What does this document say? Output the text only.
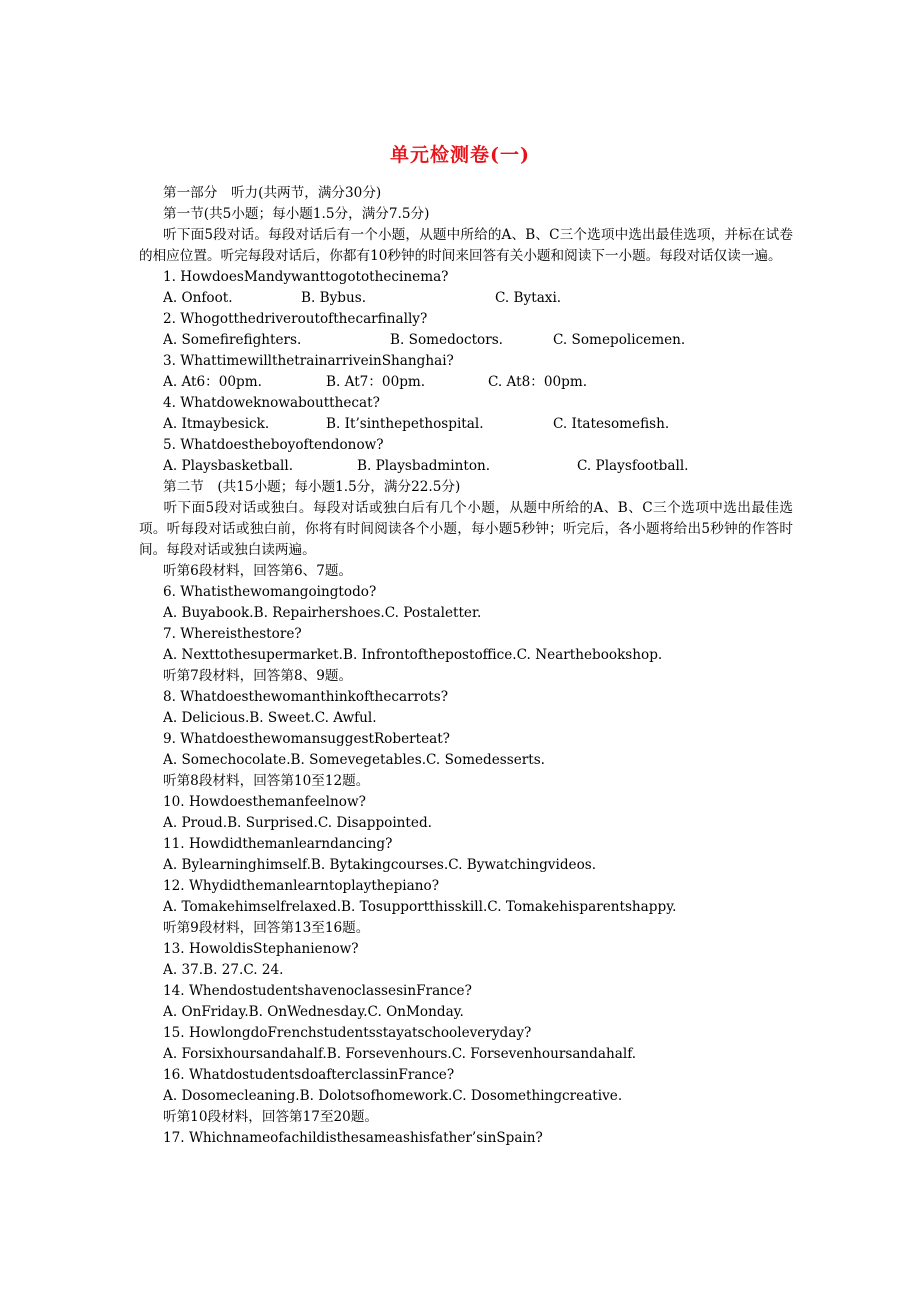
单元检测卷(一)
第一部分　听力(共两节，满分30分)
第一节(共5小题；每小题1.5分，满分7.5分)
听下面5段对话。每段对话后有一个小题，从题中所给的A、B、C三个选项中选出最佳选项，并标在试卷的相应位置。听完每段对话后，你都有10秒钟的时间来回答有关小题和阅读下一小题。每段对话仅读一遍。
1. HowdoesMandywanttogotothecinema?
A. Onfoot.	B. Bybus.	C. Bytaxi.
2. Whogotthedriveroutofthecarfinally?
A. Somefirefighters.	B. Somedoctors.	C. Somepolicemen.
3. WhattimewillthetrainarriveinShanghai?
A. At6：00pm.	B. At7：00pm.	C. At8：00pm.
4. Whatdoweknowaboutthecat?
A. Itmaybesick.	B. It’sinthepethospital.	C. Itatesomefish.
5. Whatdoestheboyoftendonow?
A. Playsbasketball.	B. Playsbadminton.	C. Playsfootball.
第二节　(共15小题；每小题1.5分，满分22.5分)
听下面5段对话或独白。每段对话或独白后有几个小题，从题中所给的A、B、C三个选项中选出最佳选项。听每段对话或独白前，你将有时间阅读各个小题，每小题5秒钟；听完后，各小题将给出5秒钟的作答时间。每段对话或独白读两遍。
听第6段材料，回答第6、7题。
6. Whatisthewomangoingtodo?
A. Buyabook.B. Repairhershoes.C. Postaletter.
7. Whereisthestore?
A. Nexttothesupermarket.B. Infrontofthepostoffice.C. Nearthebookshop.
听第7段材料，回答第8、9题。
8. Whatdoesthewomanthinkofthecarrots?
A. Delicious.B. Sweet.C. Awful.
9. WhatdoesthewomansuggestRobertеat?
A. Somechocolate.B. Somevegetables.C. Somedesserts.
听第8段材料，回答第10至12题。
10. Howdoesthemanfeelnow?
A. Proud.B. Surprised.C. Disappointed.
11. Howdidthemanlearndancing?
A. Bylearninghimself.B. Bytakingcourses.C. Bywatchingvideos.
12. Whydidthemanlearntoplaythepiano?
A. Tomakehimselfrelaxed.B. Tosupportthisskill.C. Tomakehisparentshappy.
听第9段材料，回答第13至16题。
13. HowoldisStephanienow?
A. 37.B. 27.C. 24.
14. WhendostudentshavenoclassesinFrance?
A. OnFriday.B. OnWednesday.C. OnMonday.
15. HowlongdoFrenchstudentsstayatschooleveryday?
A. Forsixhoursandahalf.B. Forsevenhours.C. Forsevenhoursandahalf.
16. WhatdostudentsdoafterclassinFrance?
A. Dosomecleaning.B. Dolotsofhomework.C. Dosomethingcreative.
听第10段材料，回答第17至20题。
17. Whichnameofachildisthesameashisfather’sinSpain?
